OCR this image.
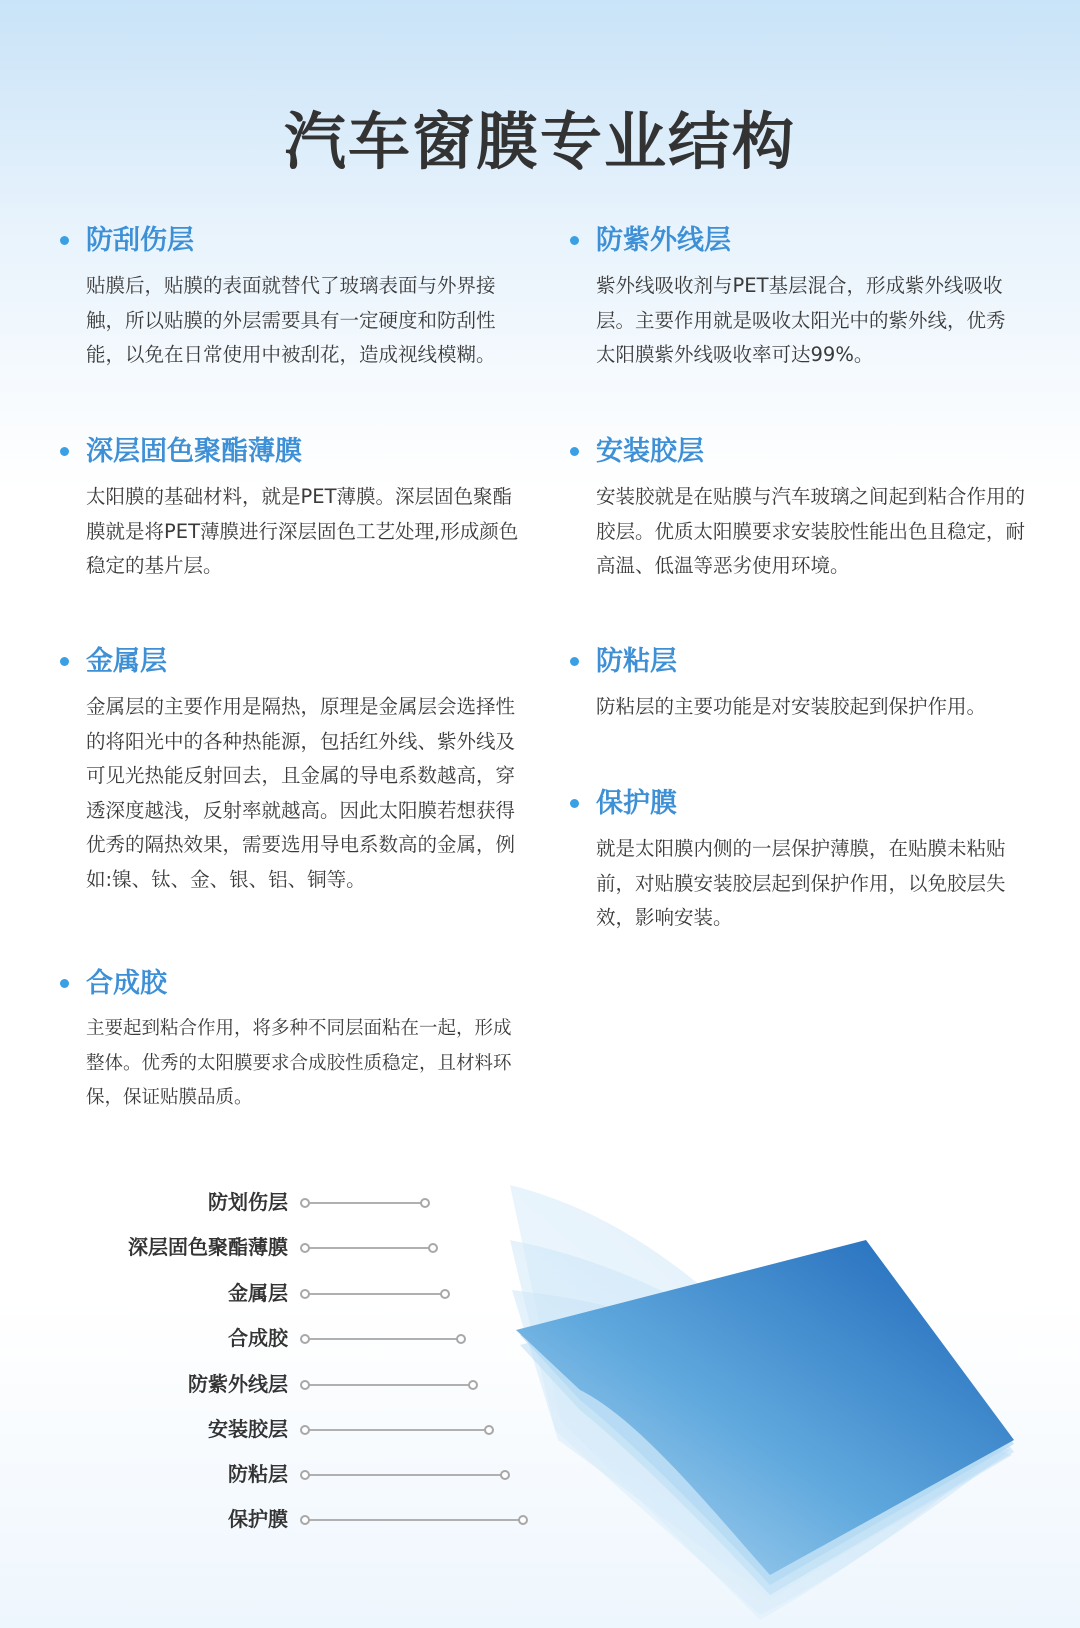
汽车窗膜专业结构
防刮伤层

贴膜后，贴膜的表面就替代了玻璃表面与外界接触，所以贴膜的外层需要具有一定硬度和防刮性能，以免在日常使用中被刮花，造成视线模糊。

深层固色聚酯薄膜

太阳膜的基础材料，就是PET薄膜。深层固色聚酯膜就是将PET薄膜进行深层固色工艺处理,形成颜色稳定的基片层。

金属层

金属层的主要作用是隔热，原理是金属层会选择性的将阳光中的各种热能源，包括红外线、紫外线及可见光热能反射回去，且金属的导电系数越高，穿透深度越浅，反射率就越高。因此太阳膜若想获得优秀的隔热效果，需要选用导电系数高的金属，例如:镍、钛、金、银、铝、铜等。

合成胶

主要起到粘合作用，将多种不同层面粘在一起，形成整体。优秀的太阳膜要求合成胶性质稳定，且材料环保，保证贴膜品质。

防紫外线层

紫外线吸收剂与PET基层混合，形成紫外线吸收层。主要作用就是吸收太阳光中的紫外线，优秀太阳膜紫外线吸收率可达99%。

安装胶层

安装胶就是在贴膜与汽车玻璃之间起到粘合作用的胶层。优质太阳膜要求安装胶性能出色且稳定，耐高温、低温等恶劣使用环境。

防粘层

防粘层的主要功能是对安装胶起到保护作用。

保护膜

就是太阳膜内侧的一层保护薄膜，在贴膜未粘贴前，对贴膜安装胶层起到保护作用，以免胶层失效，影响安装。

防划伤层
深层固色聚酯薄膜
金属层
合成胶
防紫外线层
安装胶层
防粘层
保护膜
